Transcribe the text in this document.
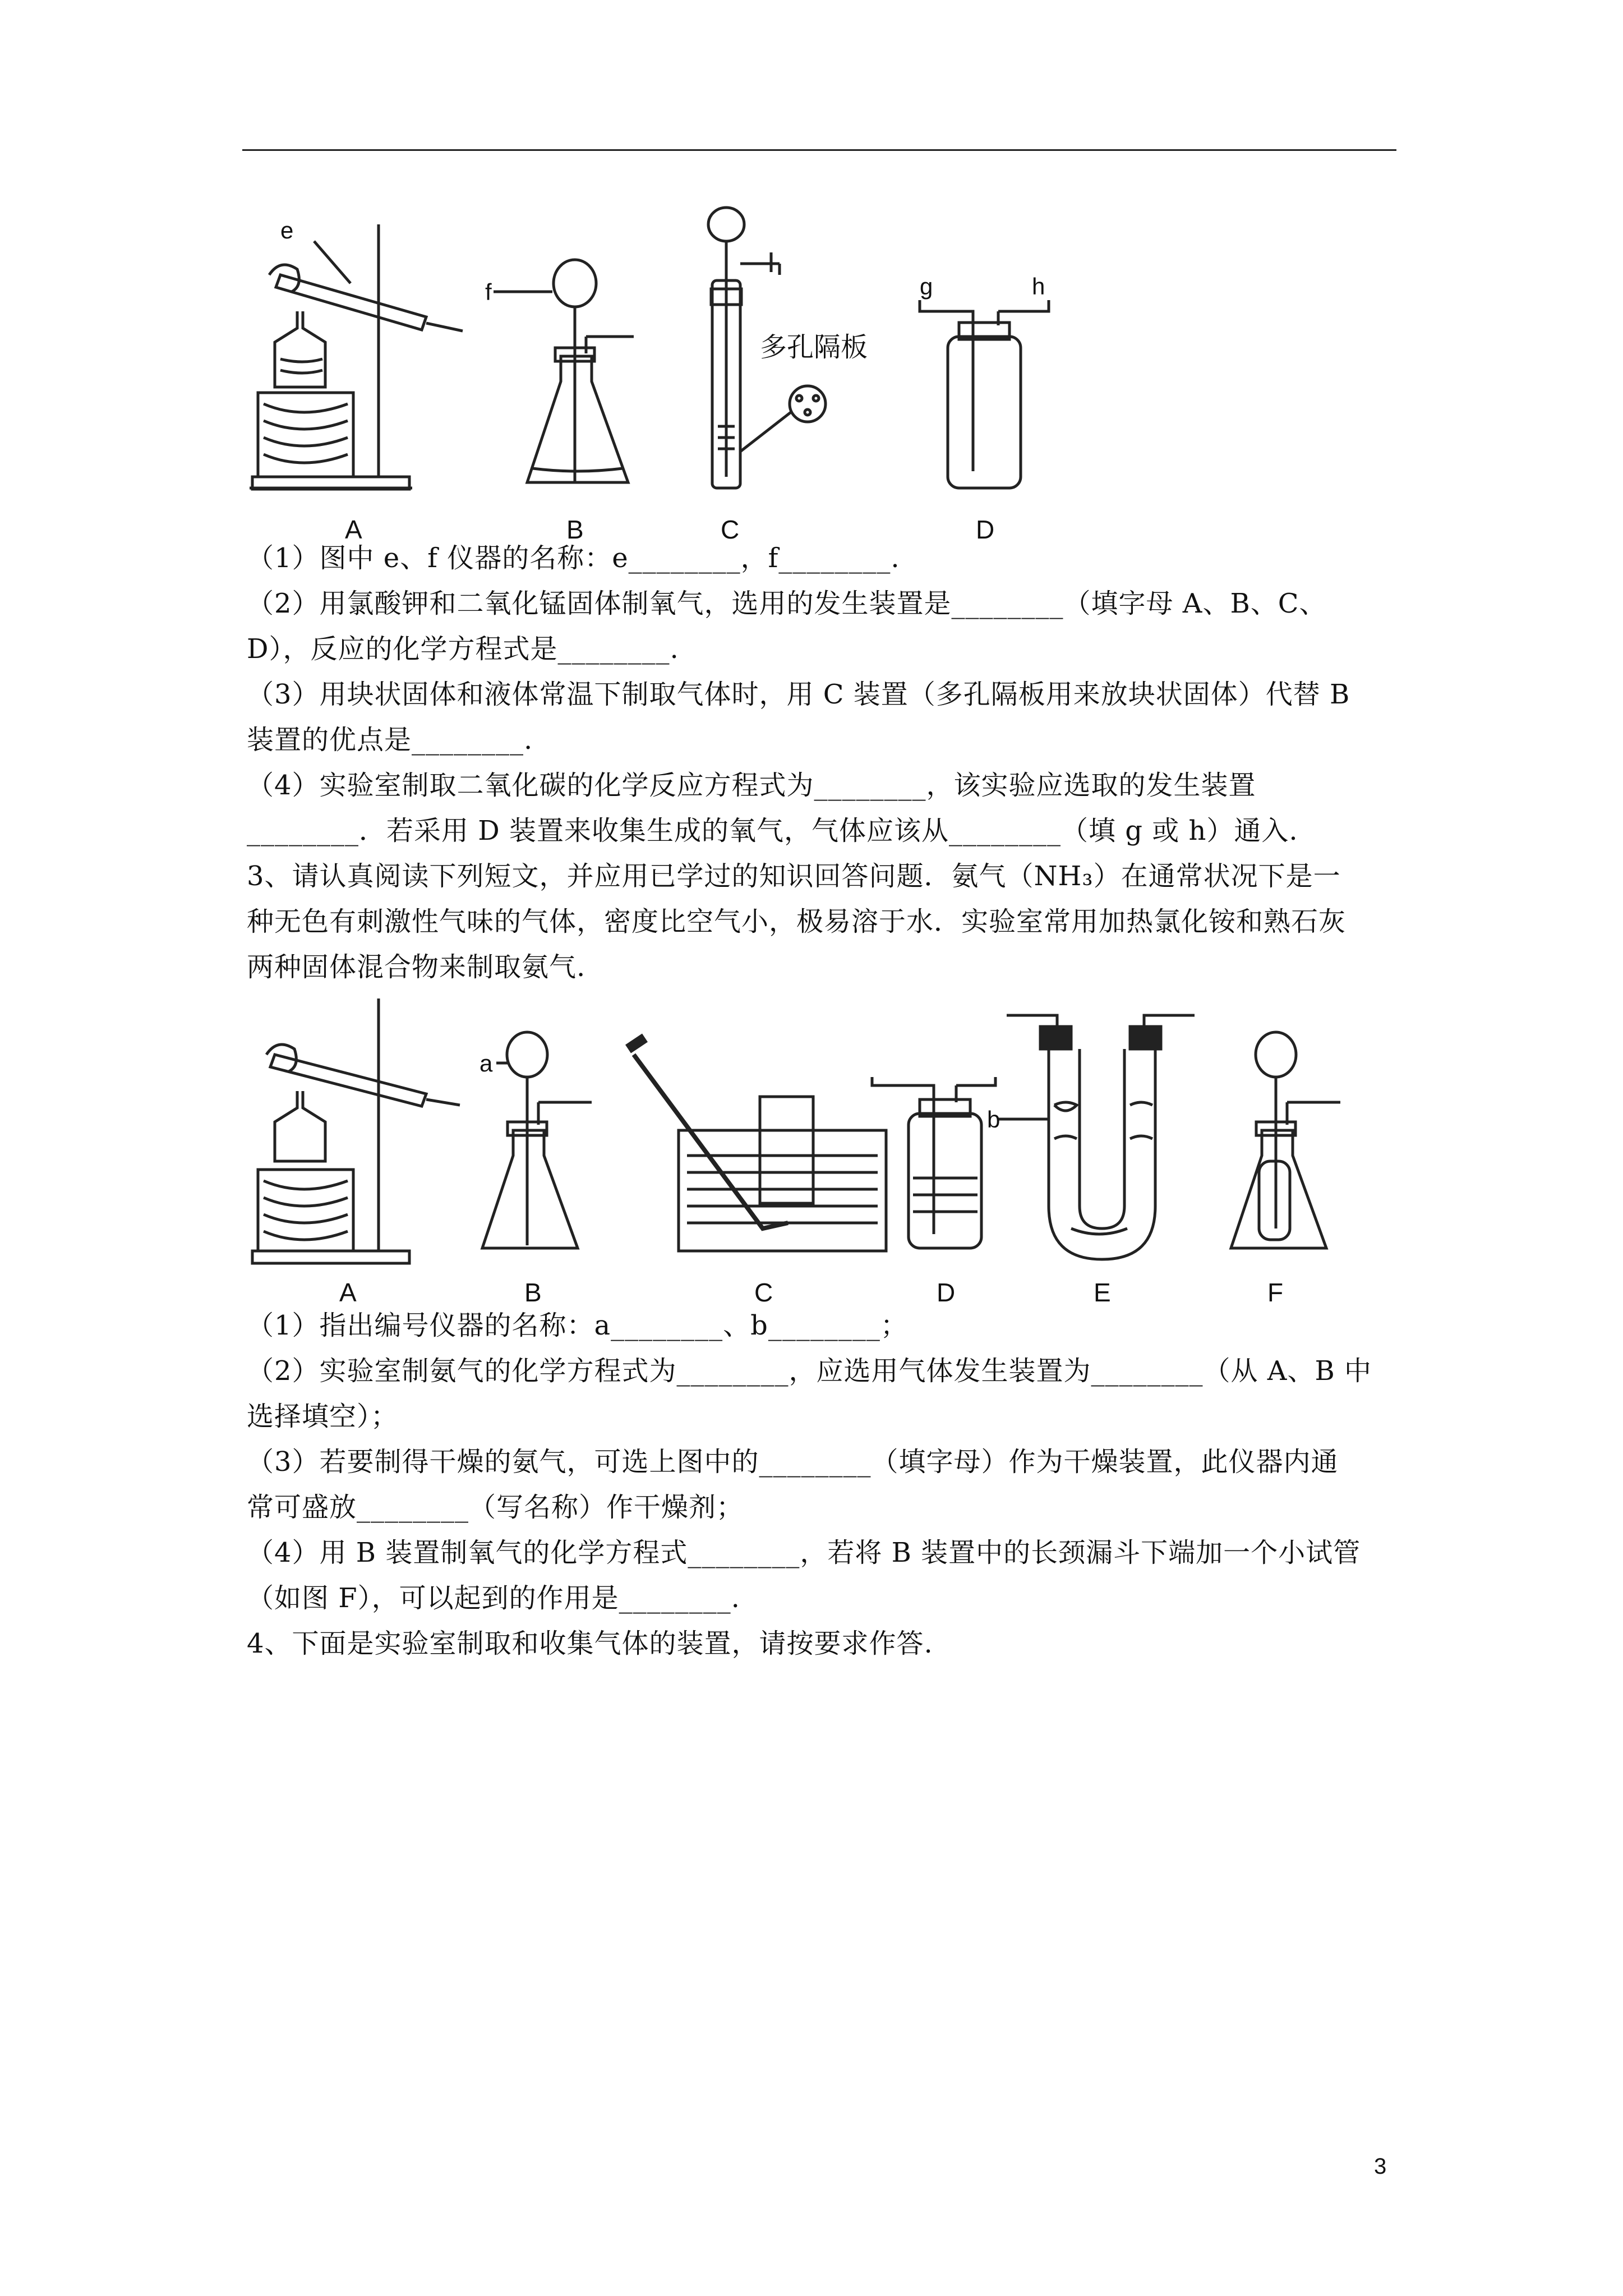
e
A
f
B
多孔隔板
C
g	h
D
（1）图中 e、f 仪器的名称：e________，f________.
（2）用氯酸钾和二氧化锰固体制氧气，选用的发生装置是________（填字母 A、B、C、
D），反应的化学方程式是________.
（3）用块状固体和液体常温下制取气体时，用 C 装置（多孔隔板用来放块状固体）代替 B
装置的优点是________.
（4）实验室制取二氧化碳的化学反应方程式为________，该实验应选取的发生装置
________．若采用 D 装置来收集生成的氧气，气体应该从________（填 g 或 h）通入.
3、请认真阅读下列短文，并应用已学过的知识回答问题．氨气（NH₃）在通常状况下是一
种无色有刺激性气味的气体，密度比空气小，极易溶于水．实验室常用加热氯化铵和熟石灰
两种固体混合物来制取氨气.
A
a
B	C	D
b
E	F
（1）指出编号仪器的名称：a________、b________；
（2）实验室制氨气的化学方程式为________，应选用气体发生装置为________（从 A、B 中
选择填空）；
（3）若要制得干燥的氨气，可选上图中的________（填字母）作为干燥装置，此仪器内通
常可盛放________（写名称）作干燥剂；
（4）用 B 装置制氧气的化学方程式________，若将 B 装置中的长颈漏斗下端加一个小试管
（如图 F），可以起到的作用是________.
4、下面是实验室制取和收集气体的装置，请按要求作答.
3
